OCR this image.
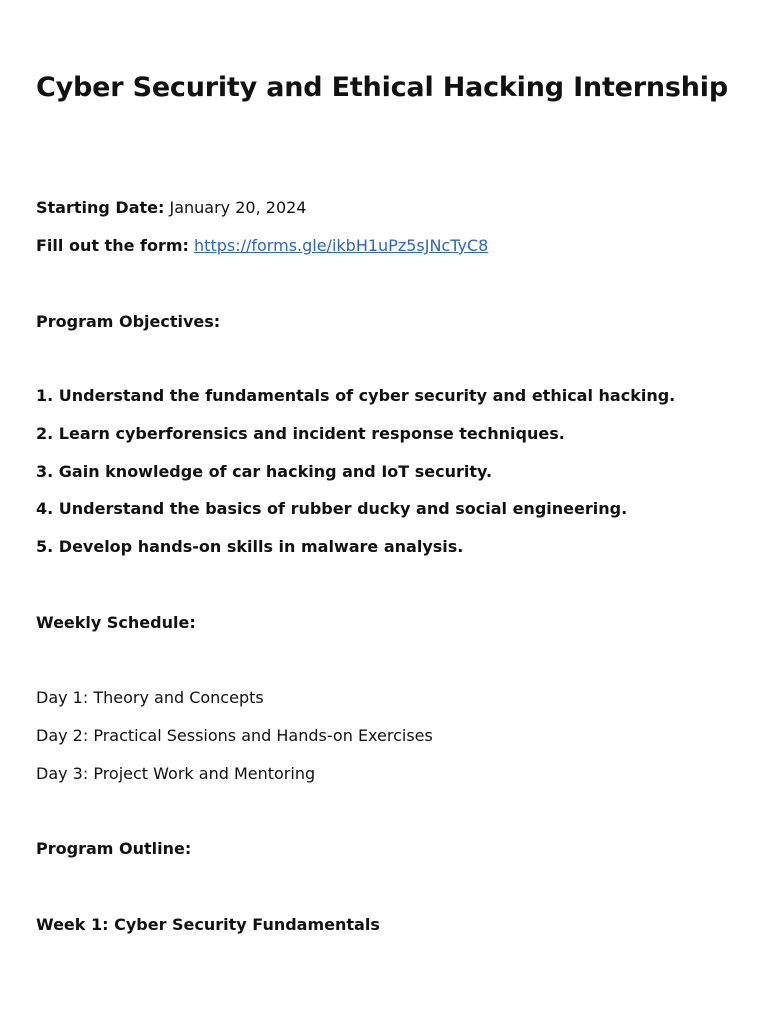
Cyber Security and Ethical Hacking Internship
Starting Date: January 20, 2024
Fill out the form: https://forms.gle/ikbH1uPz5sJNcTyC8
Program Objectives:
1. Understand the fundamentals of cyber security and ethical hacking.
2. Learn cyberforensics and incident response techniques.
3. Gain knowledge of car hacking and IoT security.
4. Understand the basics of rubber ducky and social engineering.
5. Develop hands-on skills in malware analysis.
Weekly Schedule:
Day 1: Theory and Concepts
Day 2: Practical Sessions and Hands-on Exercises
Day 3: Project Work and Mentoring
Program Outline:
Week 1: Cyber Security Fundamentals
